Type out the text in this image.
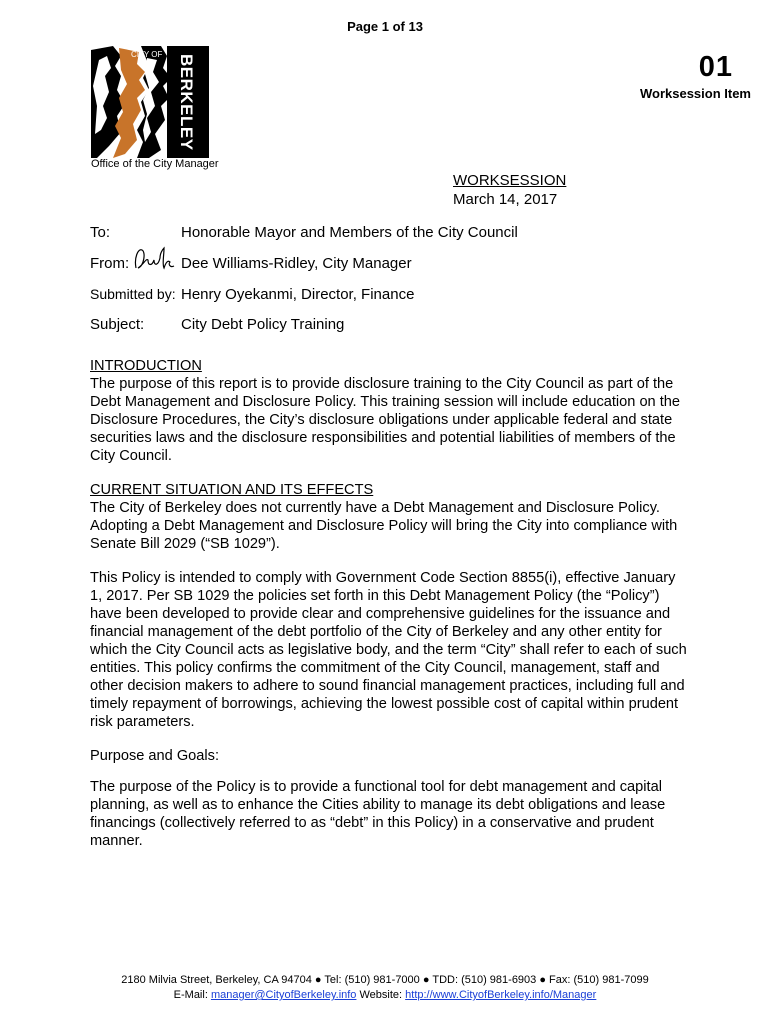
Page 1 of 13
CITY OF BERKELEY
Office of the City Manager
01
Worksession Item
WORKSESSION
March 14, 2017
To:	Honorable Mayor and Members of the City Council
From:	Dee Williams-Ridley, City Manager
Submitted by: Henry Oyekanmi, Director, Finance
Subject: City Debt Policy Training
INTRODUCTION

The purpose of this report is to provide disclosure training to the City Council as part of the Debt Management and Disclosure Policy. This training session will include education on the Disclosure Procedures, the City’s disclosure obligations under applicable federal and state securities laws and the disclosure responsibilities and potential liabilities of members of the City Council.

CURRENT SITUATION AND ITS EFFECTS

The City of Berkeley does not currently have a Debt Management and Disclosure Policy. Adopting a Debt Management and Disclosure Policy will bring the City into compliance with Senate Bill 2029 (“SB 1029”).

This Policy is intended to comply with Government Code Section 8855(i), effective January 1, 2017. Per SB 1029 the policies set forth in this Debt Management Policy (the “Policy”) have been developed to provide clear and comprehensive guidelines for the issuance and financial management of the debt portfolio of the City of Berkeley and any other entity for which the City Council acts as legislative body, and the term “City” shall refer to each of such entities. This policy confirms the commitment of the City Council, management, staff and other decision makers to adhere to sound financial management practices, including full and timely repayment of borrowings, achieving the lowest possible cost of capital within prudent risk parameters.

Purpose and Goals:

The purpose of the Policy is to provide a functional tool for debt management and capital planning, as well as to enhance the Cities ability to manage its debt obligations and lease financings (collectively referred to as “debt” in this Policy) in a conservative and prudent manner.

2180 Milvia Street, Berkeley, CA 94704 ● Tel: (510) 981-7000 ● TDD: (510) 981-6903 ● Fax: (510) 981-7099
E-Mail: manager@CityofBerkeley.info Website: http://www.CityofBerkeley.info/Manager
